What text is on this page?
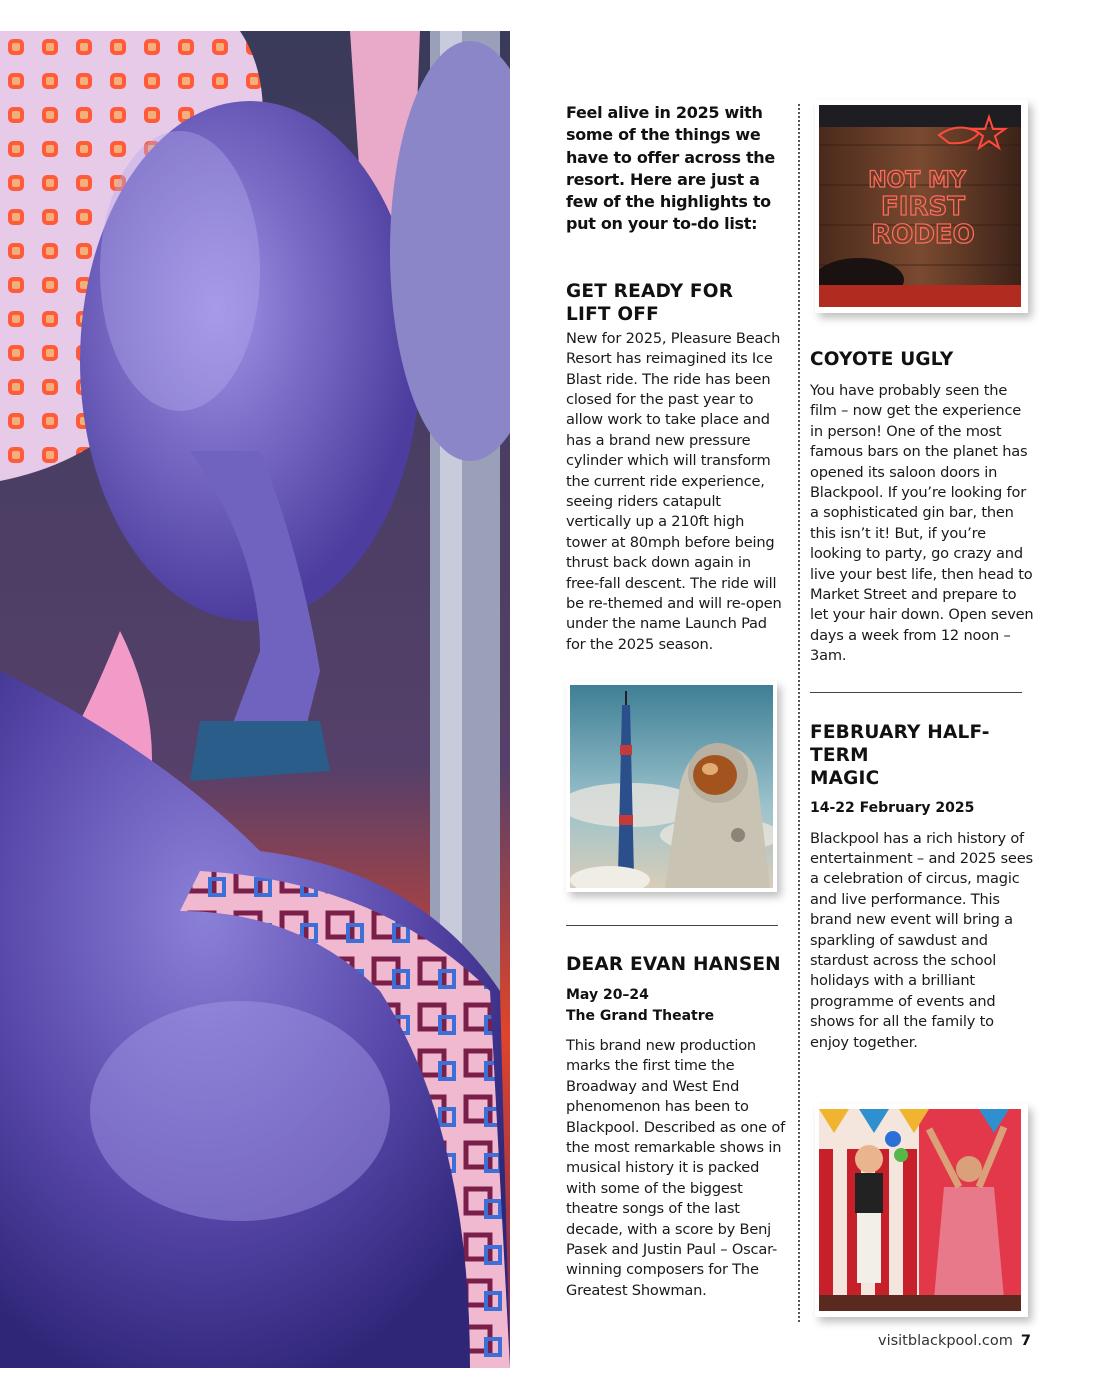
Feel alive in 2025 with some of the things we have to offer across the resort. Here are just a few of the highlights to put on your to-do list:

GET READY FOR
LIFT OFF

New for 2025, Pleasure Beach Resort has reimagined its Ice Blast ride. The ride has been closed for the past year to allow work to take place and has a brand new pressure cylinder which will transform the current ride experience, seeing riders catapult vertically up a 210ft high tower at 80mph before being thrust back down again in free-fall descent. The ride will be re-themed and will re-open under the name Launch Pad for the 2025 season.

DEAR EVAN HANSEN

May 20–24

The Grand Theatre

This brand new production marks the first time the Broadway and West End phenomenon has been to Blackpool. Described as one of the most remarkable shows in musical history it is packed with some of the biggest theatre songs of the last decade, with a score by Benj Pasek and Justin Paul – Oscar-winning composers for The Greatest Showman.

NOT MY
FIRST
RODEO
COYOTE UGLY

You have probably seen the film – now get the experience in person! One of the most famous bars on the planet has opened its saloon doors in Blackpool. If you’re looking for a sophisticated gin bar, then this isn’t it! But, if you’re looking to party, go crazy and live your best life, then head to Market Street and prepare to let your hair down. Open seven days a week from 12 noon – 3am.

FEBRUARY HALF-TERM
MAGIC

14-22 February 2025

Blackpool has a rich history of entertainment – and 2025 sees a celebration of circus, magic and live performance. This brand new event will bring a sparkling of sawdust and stardust across the school holidays with a brilliant programme of events and shows for all the family to enjoy together.

visitblackpool.com 7
